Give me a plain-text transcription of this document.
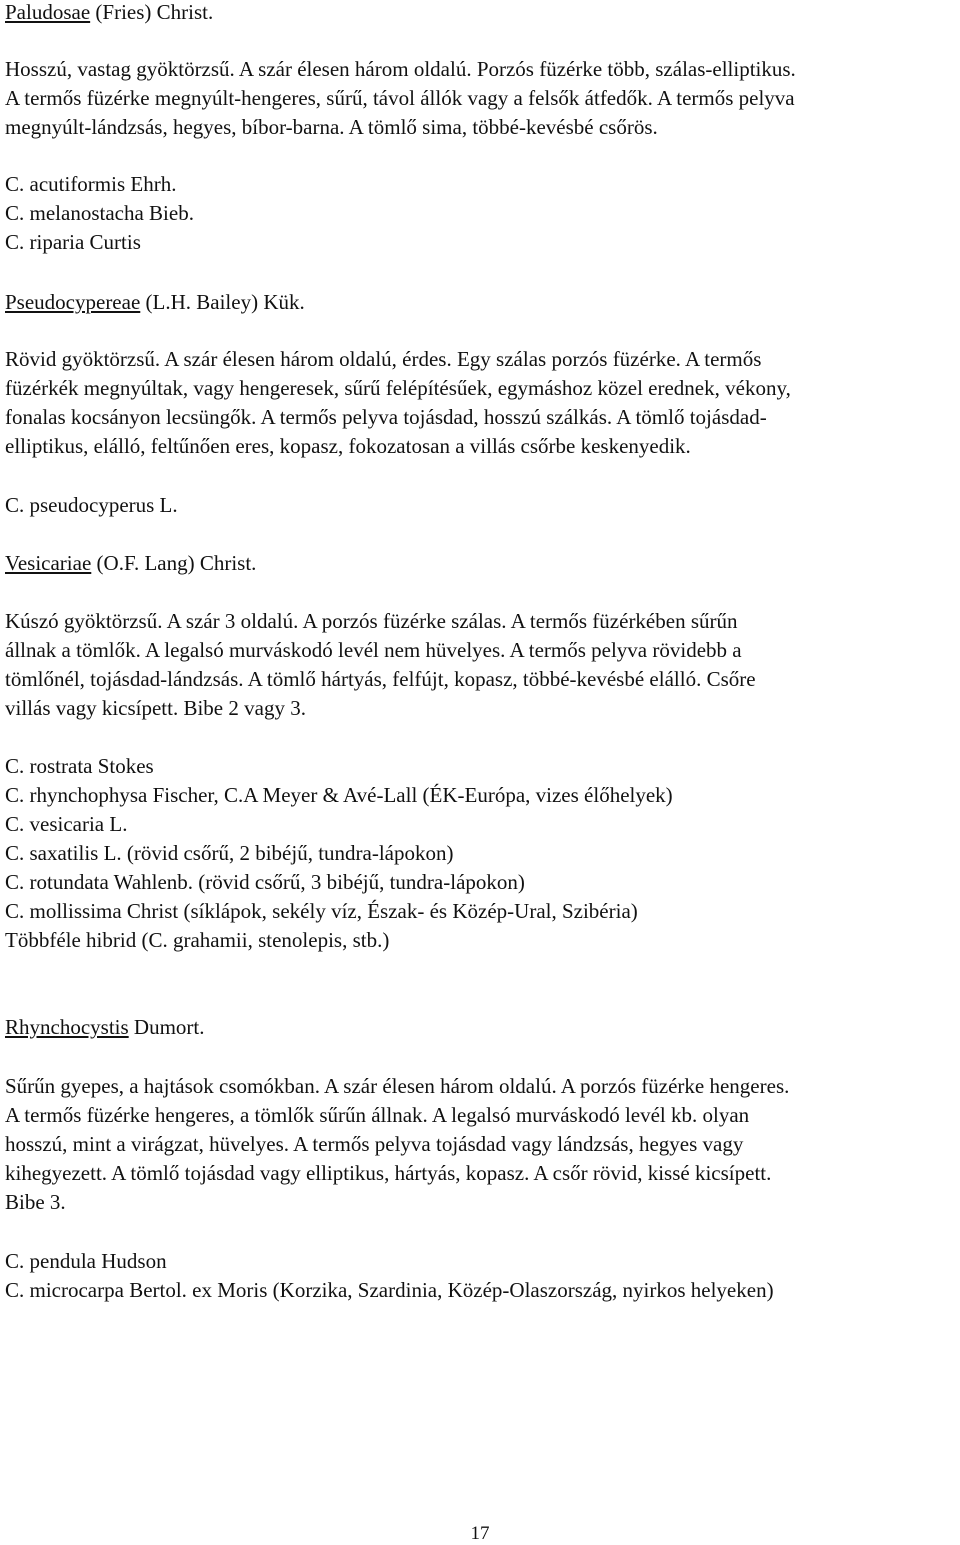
Paludosae (Fries) Christ.
Hosszú, vastag gyöktörzsű. A szár élesen három oldalú. Porzós füzérke több, szálas-elliptikus.
A termős füzérke megnyúlt-hengeres, sűrű, távol állók vagy a felsők átfedők. A termős pelyva
megnyúlt-lándzsás, hegyes, bíbor-barna. A tömlő sima, többé-kevésbé csőrös.
C. acutiformis Ehrh.
C. melanostacha Bieb.
C. riparia Curtis
Pseudocypereae (L.H. Bailey) Kük.
Rövid gyöktörzsű. A szár élesen három oldalú, érdes. Egy szálas porzós füzérke. A termős
füzérkék megnyúltak, vagy hengeresek, sűrű felépítésűek, egymáshoz közel erednek, vékony,
fonalas kocsányon lecsüngők. A termős pelyva tojásdad, hosszú szálkás. A tömlő tojásdad-
elliptikus, elálló, feltűnően eres, kopasz, fokozatosan a villás csőrbe keskenyedik.
C. pseudocyperus L.
Vesicariae (O.F. Lang) Christ.
Kúszó gyöktörzsű. A szár 3 oldalú. A porzós füzérke szálas. A termős füzérkében sűrűn
állnak a tömlők. A legalsó murváskodó levél nem hüvelyes. A termős pelyva rövidebb a
tömlőnél, tojásdad-lándzsás. A tömlő hártyás, felfújt, kopasz, többé-kevésbé elálló. Csőre
villás vagy kicsípett. Bibe 2 vagy 3.
C. rostrata Stokes
C. rhynchophysa Fischer, C.A Meyer & Avé-Lall (ÉK-Európa, vizes élőhelyek)
C. vesicaria L.
C. saxatilis L. (rövid csőrű, 2 bibéjű, tundra-lápokon)
C. rotundata Wahlenb. (rövid csőrű, 3 bibéjű, tundra-lápokon)
C. mollissima Christ (síklápok, sekély víz, Észak- és Közép-Ural, Szibéria)
Többféle hibrid (C. grahamii, stenolepis, stb.)
Rhynchocystis Dumort.
Sűrűn gyepes, a hajtások csomókban. A szár élesen három oldalú. A porzós füzérke hengeres.
A termős füzérke hengeres, a tömlők sűrűn állnak. A legalsó murváskodó levél kb. olyan
hosszú, mint a virágzat, hüvelyes. A termős pelyva tojásdad vagy lándzsás, hegyes vagy
kihegyezett. A tömlő tojásdad vagy elliptikus, hártyás, kopasz. A csőr rövid, kissé kicsípett.
Bibe 3.
C. pendula Hudson
C. microcarpa Bertol. ex Moris (Korzika, Szardinia, Közép-Olaszország, nyirkos helyeken)
17
